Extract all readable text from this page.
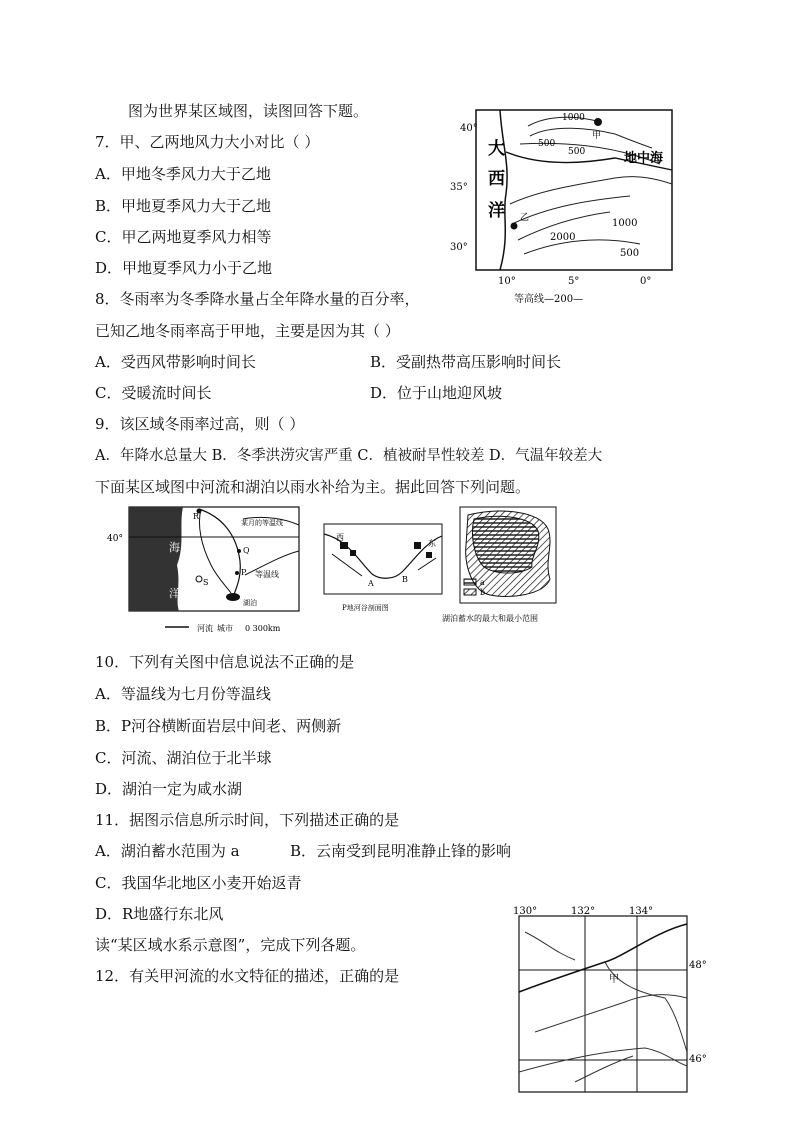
图为世界某区域图，读图回答下题。
7．甲、乙两地风力大小对比（ ）
A．甲地冬季风力大于乙地
B．甲地夏季风力大于乙地
C．甲乙两地夏季风力相等
D．甲地夏季风力小于乙地
8．冬雨率为冬季降水量占全年降水量的百分率，
已知乙地冬雨率高于甲地，主要是因为其（ ）
A．受西风带影响时间长	B．受副热带高压影响时间长
C．受暖流时间长	D．位于山地迎风坡
9．该区域冬雨率过高，则（ ）
A．年降水总量大 B．冬季洪涝灾害严重 C．植被耐旱性较差 D．气温年较差大
下面某区域图中河流和湖泊以雨水补给为主。据此回答下列问题。
10．下列有关图中信息说法不正确的是
A．等温线为七月份等温线
B．P河谷横断面岩层中间老、两侧新
C．河流、湖泊位于北半球
D．湖泊一定为咸水湖
11．据图示信息所示时间，下列描述正确的是
A．湖泊蓄水范围为 a	B．云南受到昆明准静止锋的影响
C．我国华北地区小麦开始返青
D．R地盛行东北风
读“某区域水系示意图”，完成下列各题。
12．有关甲河流的水文特征的描述，正确的是
40°
35°
30°
10°	5°	0°
大
西
洋
地中海
甲
乙
1000
500
500
2000
1000
500
等高线—200—
40°
海
洋
R
Q
P
S
某月的等温线
等温线
湖泊
河流 城市 0 300km
西
东
A	B
P地河谷剖面图
a
b
湖泊蓄水的最大和最小范围
130°	132°	134°
48°
46°
甲
